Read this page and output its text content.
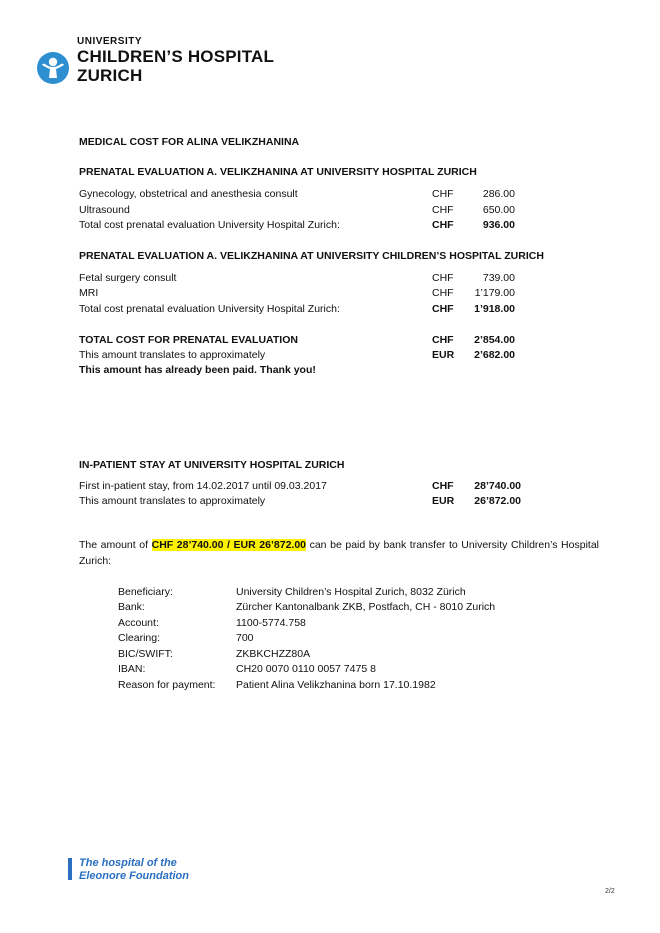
UNIVERSITY
CHILDREN’S HOSPITAL
ZURICH
MEDICAL COST FOR ALINA VELIKZHANINA
PRENATAL EVALUATION A. VELIKZHANINA AT UNIVERSITY HOSPITAL ZURICH
Gynecology, obstetrical and anesthesia consult	CHF	286.00
Ultrasound	CHF	650.00
Total cost prenatal evaluation University Hospital Zurich:	CHF	936.00
PRENATAL EVALUATION A. VELIKZHANINA AT UNIVERSITY CHILDREN’S HOSPITAL ZURICH
Fetal surgery consult	CHF	739.00
MRI	CHF 1’179.00
Total cost prenatal evaluation University Hospital Zurich:	CHF 1’918.00
TOTAL COST FOR PRENATAL EVALUATION	CHF 2’854.00
This amount translates to approximately	EUR 2’682.00
This amount has already been paid. Thank you!
IN-PATIENT STAY AT UNIVERSITY HOSPITAL ZURICH
First in-patient stay, from 14.02.2017 until 09.03.2017	CHF 28’740.00
This amount translates to approximately	EUR 26’872.00
The amount of CHF 28’740.00 / EUR 26’872.00 can be paid by bank transfer to University Children’s Hospital Zurich:
Beneficiary:	University Children’s Hospital Zurich, 8032 Zürich
Bank:	Zürcher Kantonalbank ZKB, Postfach, CH - 8010 Zurich
Account:	1100-5774.758
Clearing:	700
BIC/SWIFT:	ZKBKCHZZ80A
IBAN:	CH20 0070 0110 0057 7475 8
Reason for payment: Patient Alina Velikzhanina born 17.10.1982
The hospital of the
Eleonore Foundation
2/2
